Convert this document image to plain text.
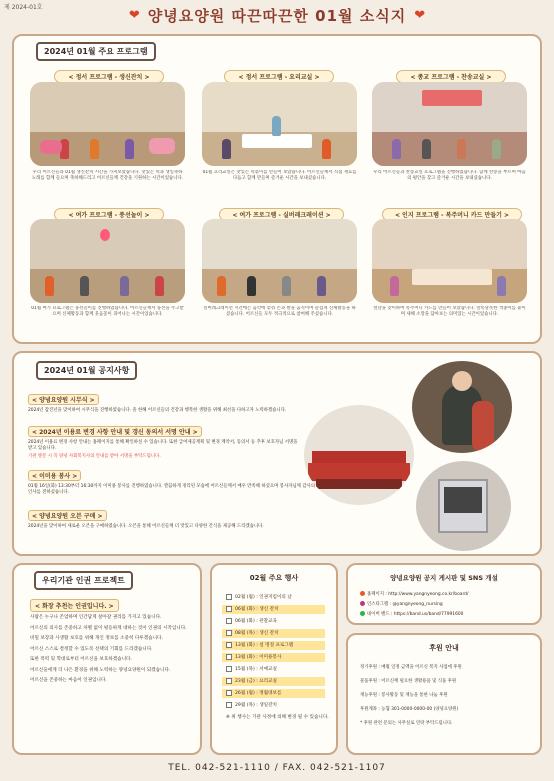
제 2024-01호	❤ 양녕요양원 따끈따끈한 01월 소식지 ❤
2024년 01월 주요 프로그램
< 정서 프로그램 - 생신잔치 >	< 정서 프로그램 - 요리교실 >	< 종교 프로그램 - 찬송교실 >
우리 어르신들과 01월 생신잔치 시간을 가져보았습니다. 맛있는 떡과 생일축하 노래를 함께 들으며 축하해드리고 어르신들께 건강을 기원하는 시간이었습니다.
01월 요리교실은 맛있는 떡볶이를 만들어 보았습니다. 어르신들께서 직접 재료를 다듬고 함께 만들며 즐거운 시간을 보내셨습니다.
우리 어르신들과 찬송교실 프로그램을 진행하였습니다. 함께 찬송을 부르며 마음의 평안을 찾고 즐거운 시간을 보내셨습니다.
< 여가 프로그램 - 풍선놀이 >	< 여가 프로그램 - 실버레크레이션 >	< 인지 프로그램 - 복주머니 카드 만들기 >
01월 여가 프로그램은 풍선놀이를 진행하였습니다. 어르신들께서 풍선을 주고받으며 신체활동과 함께 웃음꽃이 피어나는 시간이었습니다.
실버레크레이션 시간에는 음악에 맞춰 손과 발을 움직이며 즐겁게 신체활동을 하셨습니다. 어르신들 모두 적극적으로 참여해 주셨습니다.
설날을 맞이하여 복주머니 카드를 만들어 보았습니다. 알록달록한 색종이를 붙이며 새해 소망을 담아보는 의미있는 시간이었습니다.
2024년 01월 공지사항
< 양녕요양원 시무식 >
2024년 갑진년을 맞이하여 시무식을 진행하였습니다. 올 한해 어르신들의 건강과 행복한 생활을 위해 최선을 다하고자 노력하겠습니다.
< 2024년 이용료 변경 사항 안내 및 갱신 동의서 서명 안내 >
2024년 이용료 변경 사항 안내는 홈페이지를 통해 확인하실 수 있습니다. 또한 급여제공계획 및 변경 계약서, 동의서 등 추후 보호자님 서명을 받고 있습니다.
기관 방문 시 꼭 양녕 사회복지사의 안내를 받아 서명을 부탁드립니다.
< 이미용 봉사 >
01월 16일(화) 13:30부터 16:30까지 이미용 봉사를 진행하였습니다. 깔끔하게 정리된 모습에 어르신들께서 매우 만족해 하셨으며 봉사자님께 감사의 인사를 전하셨습니다.
< 양녕요양원 오븐 구매 >
2024년을 맞이하여 새로운 오븐을 구매하였습니다. 오븐을 통해 어르신들께 더 맛있고 다양한 간식을 제공해 드리겠습니다.
우리기관 인권 프로젝트
< 화장 추천는 인권입니다. >

사람은 누구나 존엄하며 인간답게 살아갈 권리를 가지고 있습니다.

어르신의 의사를 존중하고 차별 없이 평등하게 대하는 것이 인권의 시작입니다.

비밀 보장과 사생활 보호를 위해 개인 정보를 소중히 다루겠습니다.

어르신 스스로 결정할 수 있도록 선택의 기회를 드리겠습니다.

또한 폭력 및 학대로부터 어르신을 보호하겠습니다.

어르신들에게 더 나은 환경을 위해 노력하는 양녕요양원이 되겠습니다.

어르신을 존중하는 마음이 인권입니다.

02월 주요 행사
02월 (월) : 인권지킴이의 날
06월 (화) : 생신 잔치
06월 (화) : 관찰교육
08월 (목) : 생신 잔치
13월 (화) : 설 명절 프로그램
13월 (화) : 이미용봉사
15월 (목) : 서예교실
23월 (금) : 요리교실
26월 (월) : 정월대보름
29월 (목) : 생일잔치
※ 위 행사는 기관 사정에 의해 변경 될 수 있습니다.
양녕요양원 공지 게시판 및 SNS 개설
홈페이지 : http://www.yangnyeong.co.kr/board/
인스타그램 : @yangnyeong_nursing
네이버 밴드 : https://band.us/band/77991600
후원 안내
정기후원 : 매월 일정 금액을 어르신 복지 사업에 후원
물품후원 : 어르신께 필요한 생활용품 및 식품 후원
재능후원 : 봉사활동 및 재능을 통한 나눔 후원
후원계좌 : 농협 301-0000-0000-00 (양녕요양원)
* 후원 관련 문의는 사무실로 연락 부탁드립니다.
TEL. 042-521-1110 / FAX. 042-521-1107
